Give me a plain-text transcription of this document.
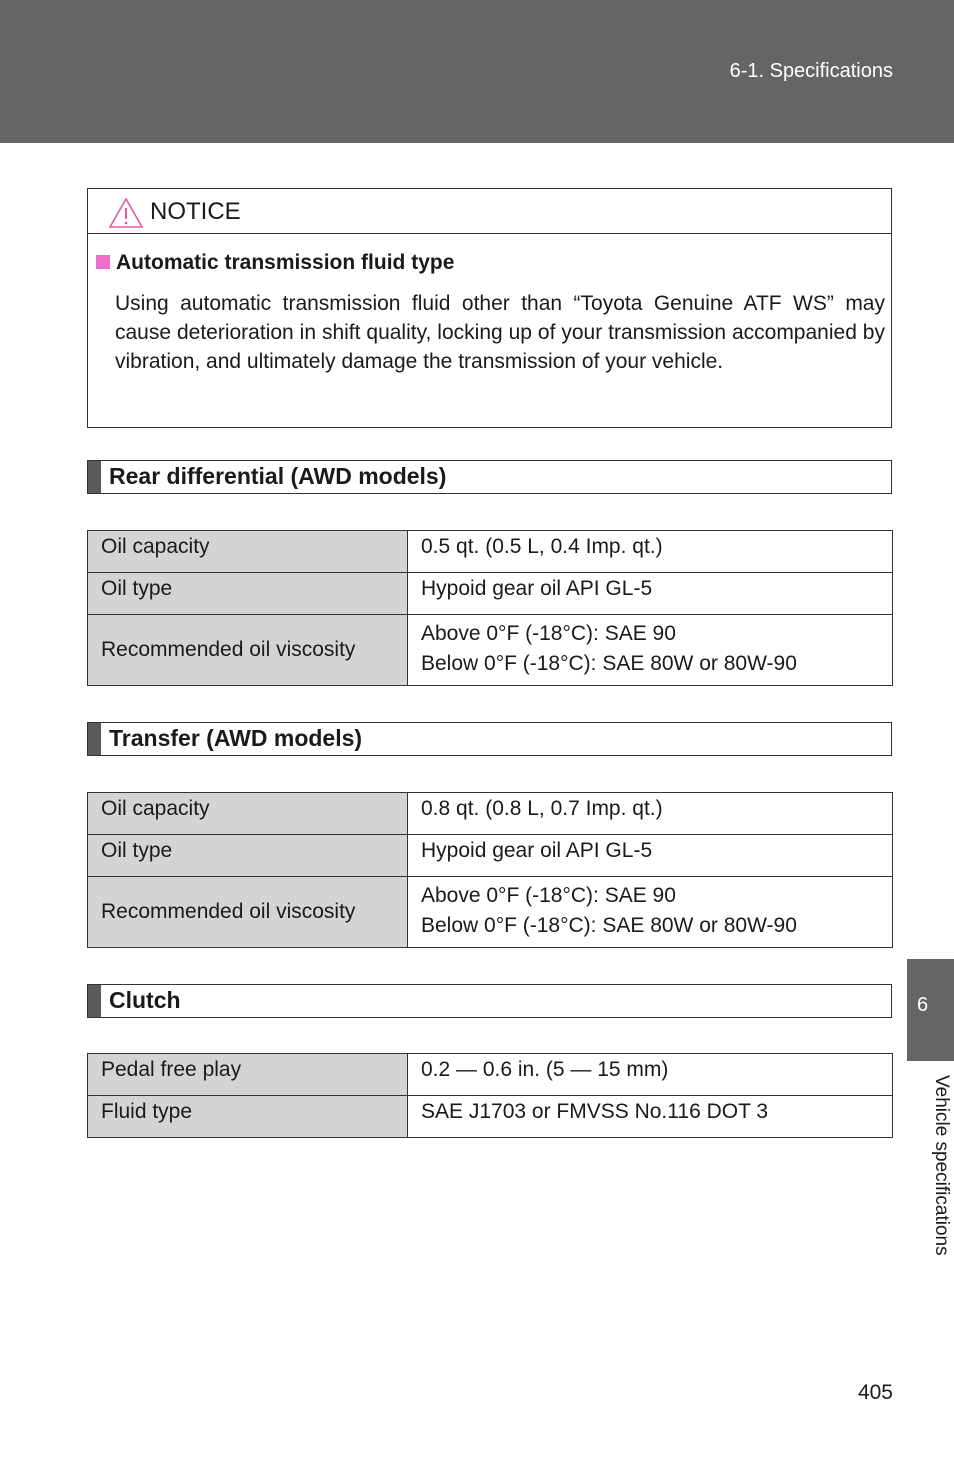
6-1. Specifications
NOTICE
Automatic transmission fluid type
Using automatic transmission fluid other than “Toyota Genuine ATF WS” may cause deterioration in shift quality, locking up of your transmission accompanied by vibration, and ultimately damage the transmission of your vehicle.
Rear differential (AWD models)
Oil capacity	0.5 qt. (0.5 L, 0.4 Imp. qt.)
Oil type	Hypoid gear oil API GL-5
Recommended oil viscosity	Above 0°F (-18°C): SAE 90
Below 0°F (-18°C): SAE 80W or 80W-90
Transfer (AWD models)
Oil capacity	0.8 qt. (0.8 L, 0.7 Imp. qt.)
Oil type	Hypoid gear oil API GL-5
Recommended oil viscosity	Above 0°F (-18°C): SAE 90
Below 0°F (-18°C): SAE 80W or 80W-90
Clutch
Pedal free play	0.2 — 0.6 in. (5 — 15 mm)
Fluid type	SAE J1703 or FMVSS No.116 DOT 3
6
Vehicle specifications
405
